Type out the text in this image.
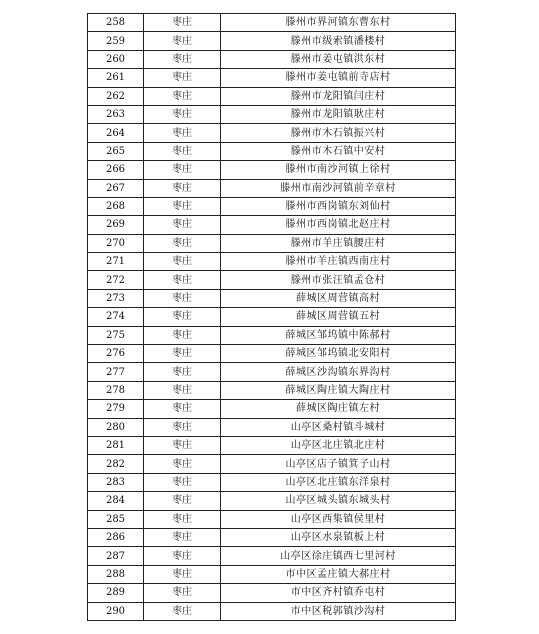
258	枣庄	滕州市界河镇东曹东村
259	枣庄	滕州市级索镇潘楼村
260	枣庄	滕州市姜屯镇洪东村
261	枣庄	滕州市姜屯镇前寺店村
262	枣庄	滕州市龙阳镇闫庄村
263	枣庄	滕州市龙阳镇耿庄村
264	枣庄	滕州市木石镇振兴村
265	枣庄	滕州市木石镇中安村
266	枣庄	滕州市南沙河镇上徐村
267	枣庄	滕州市南沙河镇前辛章村
268	枣庄	滕州市西岗镇东刘仙村
269	枣庄	滕州市西岗镇北赵庄村
270	枣庄	滕州市羊庄镇腰庄村
271	枣庄	滕州市羊庄镇西南庄村
272	枣庄	滕州市张汪镇孟仓村
273	枣庄	薛城区周营镇高村
274	枣庄	薛城区周营镇五村
275	枣庄	薛城区邹坞镇中陈郝村
276	枣庄	薛城区邹坞镇北安阳村
277	枣庄	薛城区沙沟镇东界沟村
278	枣庄	薛城区陶庄镇大陶庄村
279	枣庄	薛城区陶庄镇左村
280	枣庄	山亭区桑村镇斗城村
281	枣庄	山亭区北庄镇北庄村
282	枣庄	山亭区店子镇箕子山村
283	枣庄	山亭区北庄镇东洋泉村
284	枣庄	山亭区城头镇东城头村
285	枣庄	山亭区西集镇侯里村
286	枣庄	山亭区水泉镇板上村
287	枣庄	山亭区徐庄镇西七里河村
288	枣庄	市中区孟庄镇大郝庄村
289	枣庄	市中区齐村镇乔屯村
290	枣庄	市中区税郭镇沙沟村
